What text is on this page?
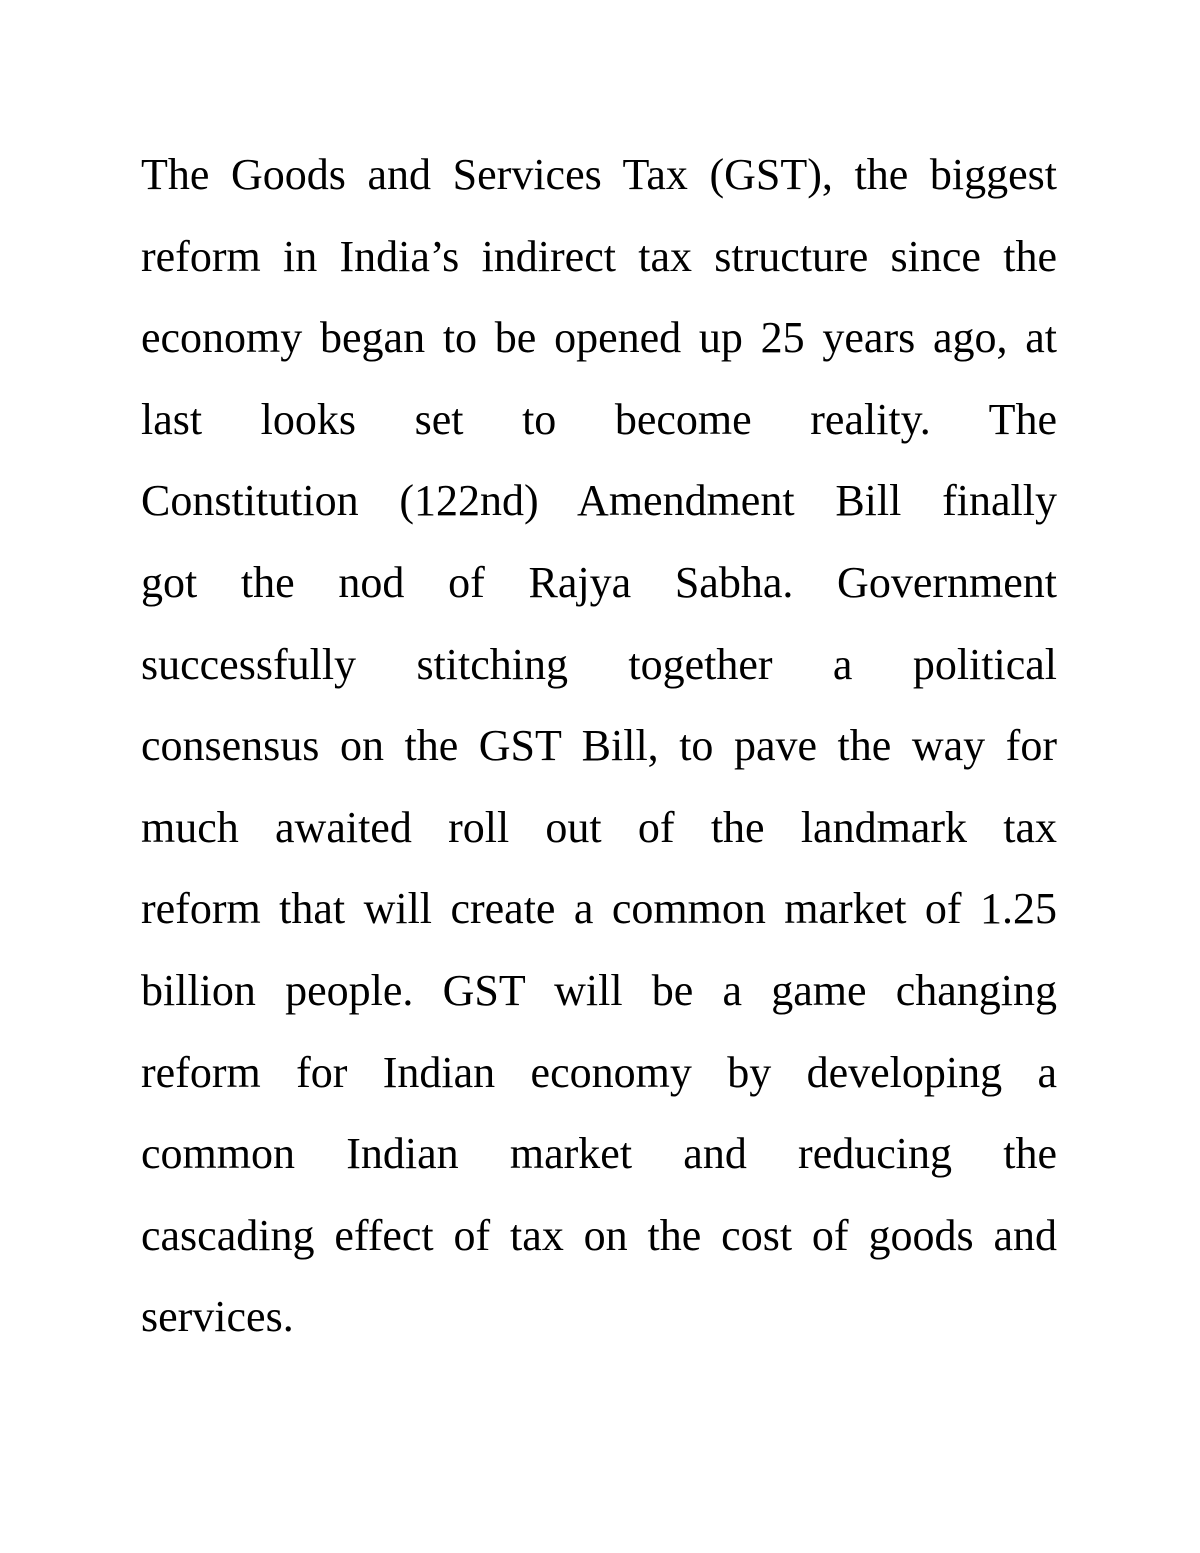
The Goods and Services Tax (GST), the biggest
reform in India’s indirect tax structure since the
economy began to be opened up 25 years ago, at
last looks set to become reality. The
Constitution (122nd) Amendment Bill finally
got the nod of Rajya Sabha. Government
successfully stitching together a political
consensus on the GST Bill, to pave the way for
much awaited roll out of the landmark tax
reform that will create a common market of 1.25
billion people. GST will be a game changing
reform for Indian economy by developing a
common Indian market and reducing the
cascading effect of tax on the cost of goods and
services.
